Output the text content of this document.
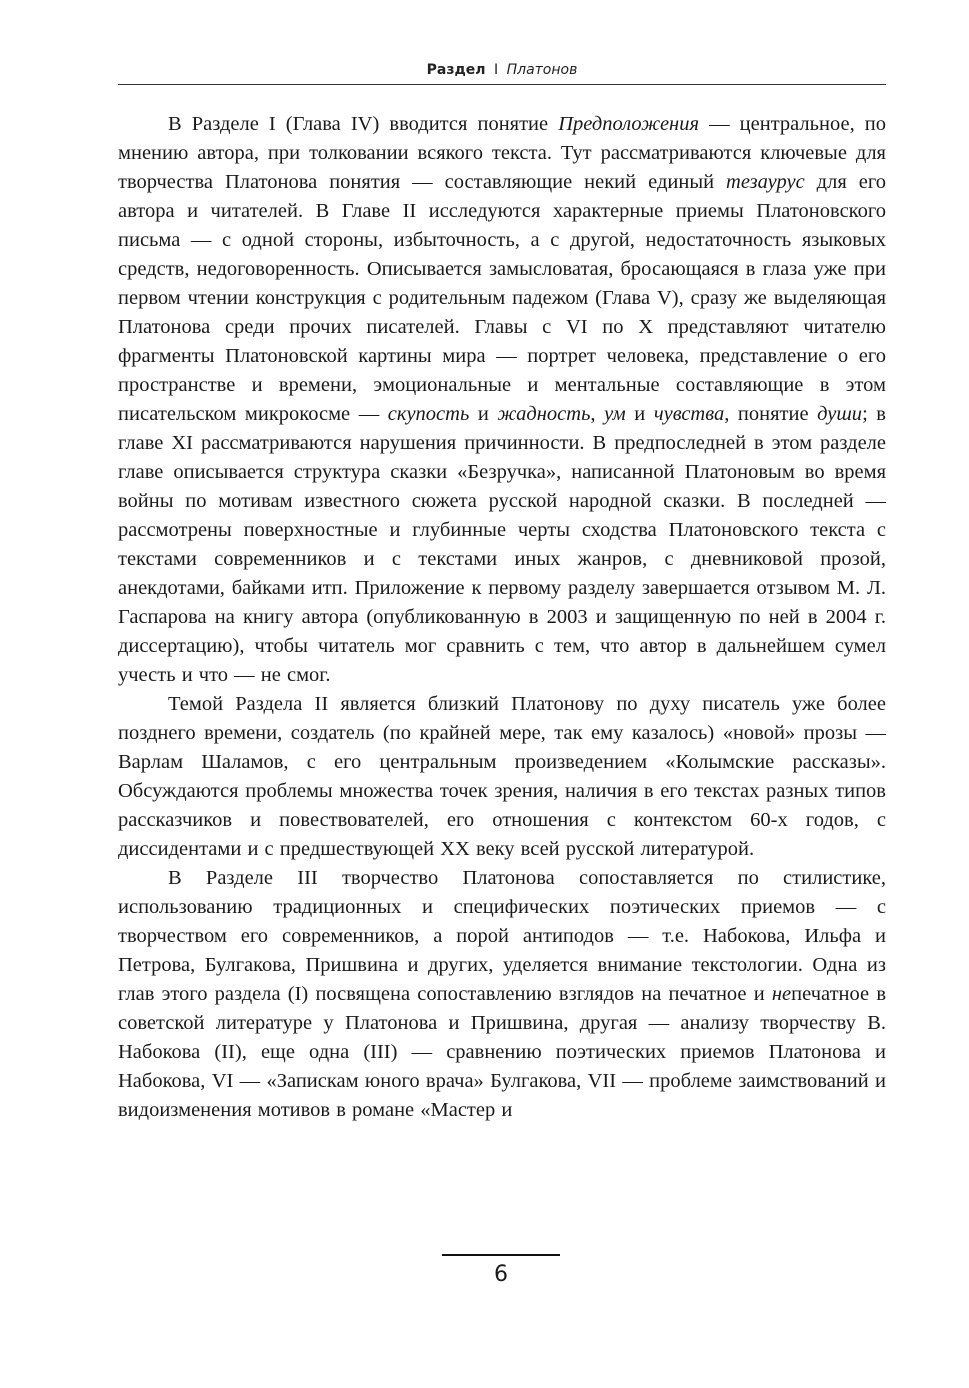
Раздел I Платонов

В Разделе I (Глава IV) вводится понятие Предположения — центральное, по мнению автора, при толковании всякого текста. Тут рассматриваются ключевые для творчества Платонова понятия — составляющие некий единый тезаурус для его автора и читателей. В Главе II исследуются характерные приемы Платоновского письма — с одной стороны, избыточность, а с другой, недостаточность языковых средств, недоговоренность. Описывается замысловатая, бросающаяся в глаза уже при первом чтении конструкция с родительным падежом (Глава V), сразу же выделяющая Платонова среди прочих писателей. Главы с VI по X представляют читателю фрагменты Платоновской картины мира — портрет человека, представление о его пространстве и времени, эмоциональные и ментальные составляющие в этом писательском микрокосме — скупость и жадность, ум и чувства, понятие души; в главе XI рассматриваются нарушения причинности. В предпоследней в этом разделе главе описывается структура сказки «Безручка», написанной Платоновым во время войны по мотивам известного сюжета русской народной сказки. В последней — рассмотрены поверхностные и глубинные черты сходства Платоновского текста с текстами современников и с текстами иных жанров, с дневниковой прозой, анекдотами, байками итп. Приложение к первому разделу завершается отзывом М. Л. Гаспарова на книгу автора (опубликованную в 2003 и защищенную по ней в 2004 г. диссертацию), чтобы читатель мог сравнить с тем, что автор в дальнейшем сумел учесть и что — не смог.

Темой Раздела II является близкий Платонову по духу писатель уже более позднего времени, создатель (по крайней мере, так ему казалось) «новой» прозы — Варлам Шаламов, с его центральным произведением «Колымские рассказы». Обсуждаются проблемы множества точек зрения, наличия в его текстах разных типов рассказчиков и повествователей, его отношения с контекстом 60-х годов, с диссидентами и с предшествующей XX веку всей русской литературой.

В Разделе III творчество Платонова сопоставляется по стилистике, использованию традиционных и специфических поэтических приемов — с творчеством его современников, а порой антиподов — т.е. Набокова, Ильфа и Петрова, Булгакова, Пришвина и других, уделяется внимание текстологии. Одна из глав этого раздела (I) посвящена сопоставлению взглядов на печатное и непечатное в советской литературе у Платонова и Пришвина, другая — анализу творчеству В. Набокова (II), еще одна (III) — сравнению поэтических приемов Платонова и Набокова, VI — «Запискам юного врача» Булгакова, VII — проблеме заимствований и видоизменения мотивов в романе «Мастер и

6
